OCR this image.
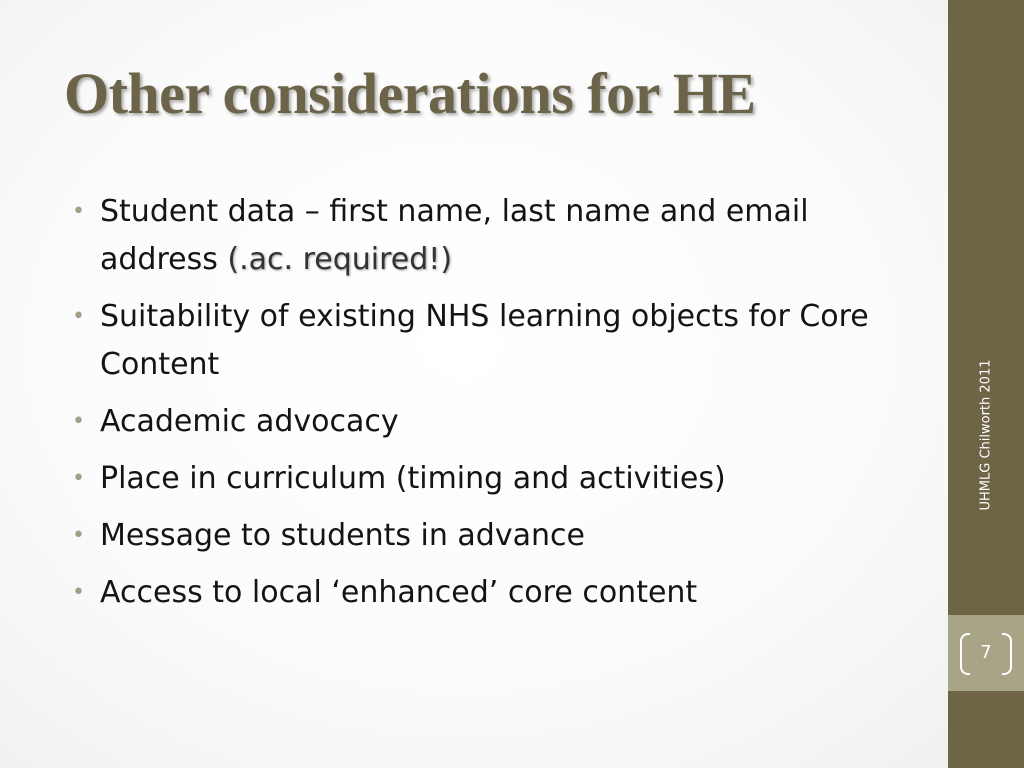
Other considerations for HE
• Student data – first name, last name and email address (.ac. required!)
• Suitability of existing NHS learning objects for Core Content
• Academic advocacy
• Place in curriculum (timing and activities)
• Message to students in advance
• Access to local ‘enhanced’ core content
7
UHMLG Chilworth 2011
